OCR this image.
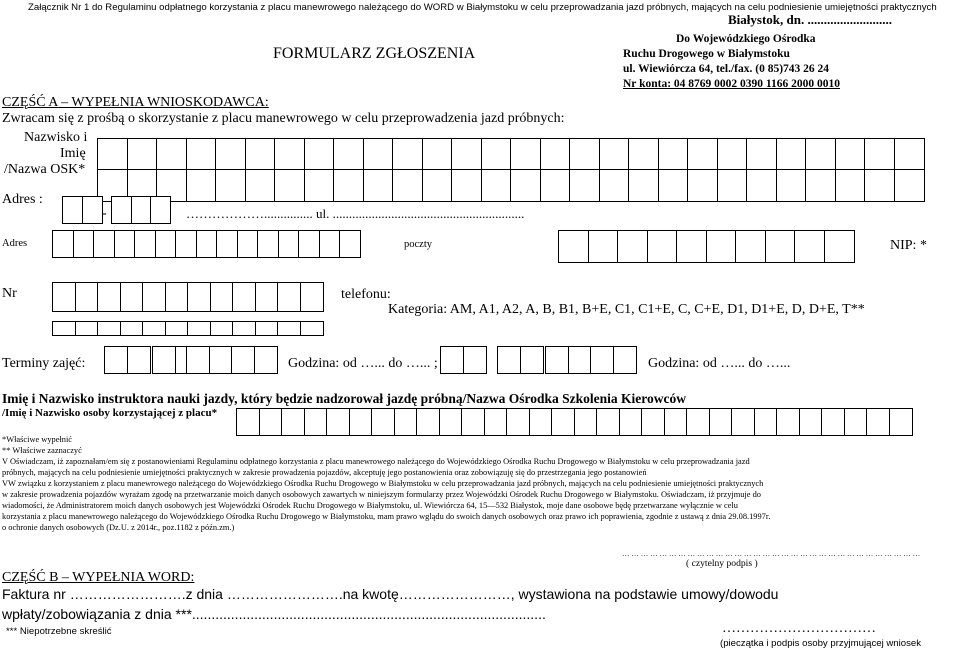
Załącznik Nr 1 do Regulaminu odpłatnego korzystania z placu manewrowego należącego do WORD w Białymstoku w celu przeprowadzania jazd próbnych, mających na celu podniesienie umiejętności praktycznych
Białystok, dn. ..........................
FORMULARZ ZGŁOSZENIA
Do Wojewódzkiego Ośrodka
Ruchu Drogowego w Białymstoku
ul. Wiewiórcza 64, tel./fax. (0 85)743 26 24
Nr konta: 04 8769 0002 0390 1166 2000 0010
CZĘŚĆ A – WYPEŁNIA WNIOSKODAWCA:
Zwracam się z prośbą o skorzystanie z placu manewrowego w celu przeprowadzenia jazd próbnych:
Nazwisko i
Imię
/Nazwa OSK*
Adres :
-	………………............... ul. ...........................................................
Adres	poczty	NIP: *
Nr	telefonu:
Kategoria: AM, A1, A2, A, B, B1, B+E, C1, C1+E, C, C+E, D1, D1+E, D, D+E, T**
Terminy zajęć:	Godzina: od …... do …... ;	Godzina: od …... do …...
Imię i Nazwisko instruktora nauki jazdy, który będzie nadzorował jazdę próbną/Nazwa Ośrodka Szkolenia Kierowców
/Imię i Nazwisko osoby korzystającej z placu*
*Właściwe wypełnić
** Właściwe zaznaczyć
V Oświadczam, iż zapoznałam/em się z postanowieniami Regulaminu odpłatnego korzystania z placu manewrowego należącego do Wojewódzkiego Ośrodka Ruchu Drogowego w Białymstoku w celu przeprowadzania jazd
próbnych, mających na celu podniesienie umiejętności praktycznych w zakresie prowadzenia pojazdów, akceptuję jego postanowienia oraz zobowiązuję się do przestrzegania jego postanowień
VW związku z korzystaniem z placu manewrowego należącego do Wojewódzkiego Ośrodka Ruchu Drogowego w Białymstoku w celu przeprowadzania jazd próbnych, mających na celu podniesienie umiejętności praktycznych
w zakresie prowadzenia pojazdów wyrażam zgodę na przetwarzanie moich danych osobowych zawartych w niniejszym formularzy przez Wojewódzki Ośrodek Ruchu Drogowego w Białymstoku. Oświadczam, iż przyjmuje do
wiadomości, że Administratorem moich danych osobowych jest Wojewódzki Ośrodek Ruchu Drogowego w Białymstoku, ul. Wiewiórcza 64, 15—532 Białystok, moje dane osobowe będę przetwarzane wyłącznie w celu
korzystania z placu manewrowego należącego do Wojewódzkiego Ośrodka Ruchu Drogowego w Białymstoku, mam prawo wglądu do swoich danych osobowych oraz prawo ich poprawienia, zgodnie z ustawą z dnia 29.08.1997r.
o ochronie danych osobowych (Dz.U. z 2014r., poz.1182 z późn.zm.)
… … … … … … … … … … … … … … … … … … … … … … … … … … … … … … … …
( czytelny podpis )
CZĘŚĆ B – WYPEŁNIA WORD:
Faktura nr …………………….z dnia …………………….na kwotę……………………, wystawiona na podstawie umowy/dowodu
wpłaty/zobowiązania z dnia ***...........................................................................................
*** Niepotrzebne skreślić	……………………………
(pieczątka i podpis osoby przyjmującej wniosek
